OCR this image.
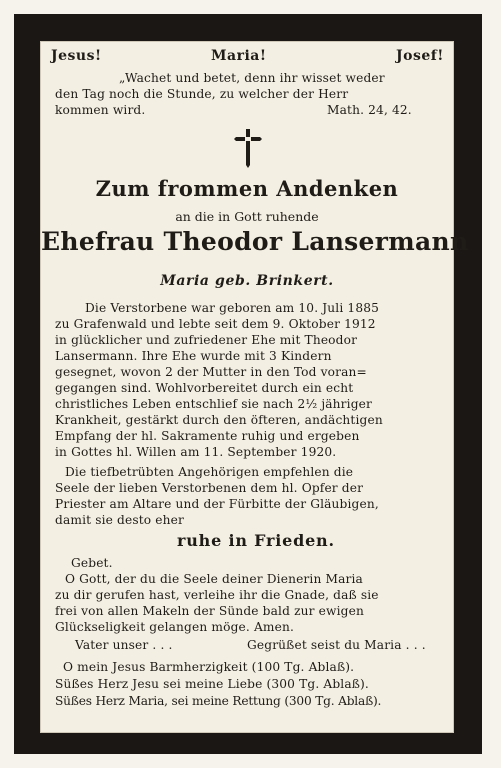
Jesus!	Maria!	Josef!
„Wachet und betet, denn ihr wisset weder
den Tag noch die Stunde, zu welcher der Herr
kommen wird.	Math. 24, 42.
Zum frommen Andenken
an die in Gott ruhende
Ehefrau Theodor Lansermann
Maria geb. Brinkert.
Die Verstorbene war geboren am 10. Juli 1885
zu Grafenwald und lebte seit dem 9. Oktober 1912
in glücklicher und zufriedener Ehe mit Theodor
Lansermann. Ihre Ehe wurde mit 3 Kindern
gesegnet, wovon 2 der Mutter in den Tod voran=
gegangen sind. Wohlvorbereitet durch ein echt
christliches Leben entschlief sie nach 2½ jähriger
Krankheit, gestärkt durch den öfteren, andächtigen
Empfang der hl. Sakramente ruhig und ergeben
in Gottes hl. Willen am 11. September 1920.
Die tiefbetrübten Angehörigen empfehlen die
Seele der lieben Verstorbenen dem hl. Opfer der
Priester am Altare und der Fürbitte der Gläubigen,
damit sie desto eher
ruhe in Frieden.
Gebet.
O Gott, der du die Seele deiner Dienerin Maria
zu dir gerufen hast, verleihe ihr die Gnade, daß sie
frei von allen Makeln der Sünde bald zur ewigen
Glückseligkeit gelangen möge. Amen.
Vater unser . . .	Gegrüßet seist du Maria . . .
O mein Jesus Barmherzigkeit (100 Tg. Ablaß).
Süßes Herz Jesu sei meine Liebe (300 Tg. Ablaß).
Süßes Herz Maria, sei meine Rettung (300 Tg. Ablaß).
